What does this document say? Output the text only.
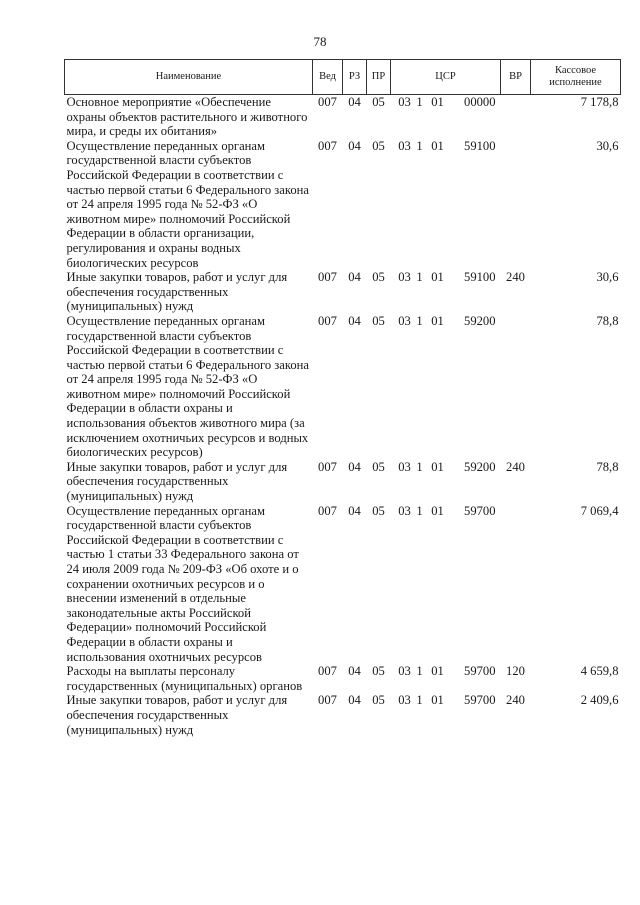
78
Наименование	Вед	РЗ	ПР	ЦСР	ВР	Кассовое исполнение
Основное мероприятие «Обеспечение охраны объектов растительного и животного мира, и среды их обитания»	007	04	05	03 1 01 00000		7 178,8
Осуществление переданных органам государственной власти субъектов Российской Федерации в соответствии с частью первой статьи 6 Федерального закона от 24 апреля 1995 года № 52-ФЗ «О животном мире» полномочий Российской Федерации в области организации, регулирования и охраны водных биологических ресурсов	007	04	05	03 1 01 59100		30,6
Иные закупки товаров, работ и услуг для обеспечения государственных (муниципальных) нужд	007	04	05	03 1 01 59100	240	30,6
Осуществление переданных органам государственной власти субъектов Российской Федерации в соответствии с частью первой статьи 6 Федерального закона от 24 апреля 1995 года № 52-ФЗ «О животном мире» полномочий Российской Федерации в области охраны и использования объектов животного мира (за исключением охотничьих ресурсов и водных биологических ресурсов)	007	04	05	03 1 01 59200		78,8
Иные закупки товаров, работ и услуг для обеспечения государственных (муниципальных) нужд	007	04	05	03 1 01 59200	240	78,8
Осуществление переданных органам государственной власти субъектов Российской Федерации в соответствии с частью 1 статьи 33 Федерального закона от 24 июля 2009 года № 209-ФЗ «Об охоте и о сохранении охотничьих ресурсов и о внесении изменений в отдельные законодательные акты Российской Федерации» полномочий Российской Федерации в области охраны и использования охотничьих ресурсов	007	04	05	03 1 01 59700		7 069,4
Расходы на выплаты персоналу государственных (муниципальных) органов	007	04	05	03 1 01 59700	120	4 659,8
Иные закупки товаров, работ и услуг для обеспечения государственных (муниципальных) нужд	007	04	05	03 1 01 59700	240	2 409,6
